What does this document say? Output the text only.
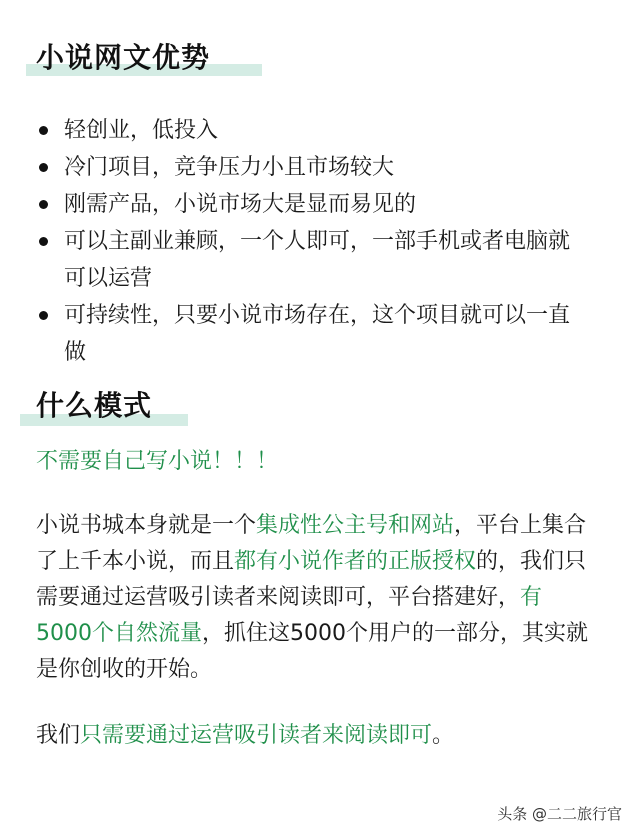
小说网文优势
轻创业，低投入
冷门项目，竞争压力小且市场较大
刚需产品，小说市场大是显而易见的
可以主副业兼顾，一个人即可，一部手机或者电脑就可以运营
可持续性，只要小说市场存在，这个项目就可以一直做
什么模式

不需要自己写小说！！！

小说书城本身就是一个集成性公主号和网站，平台上集合了上千本小说，而且都有小说作者的正版授权的，我们只需要通过运营吸引读者来阅读即可，平台搭建好，有5000个自然流量，抓住这5000个用户的一部分，其实就是你创收的开始。

我们只需要通过运营吸引读者来阅读即可。

头条 @二二旅行官
